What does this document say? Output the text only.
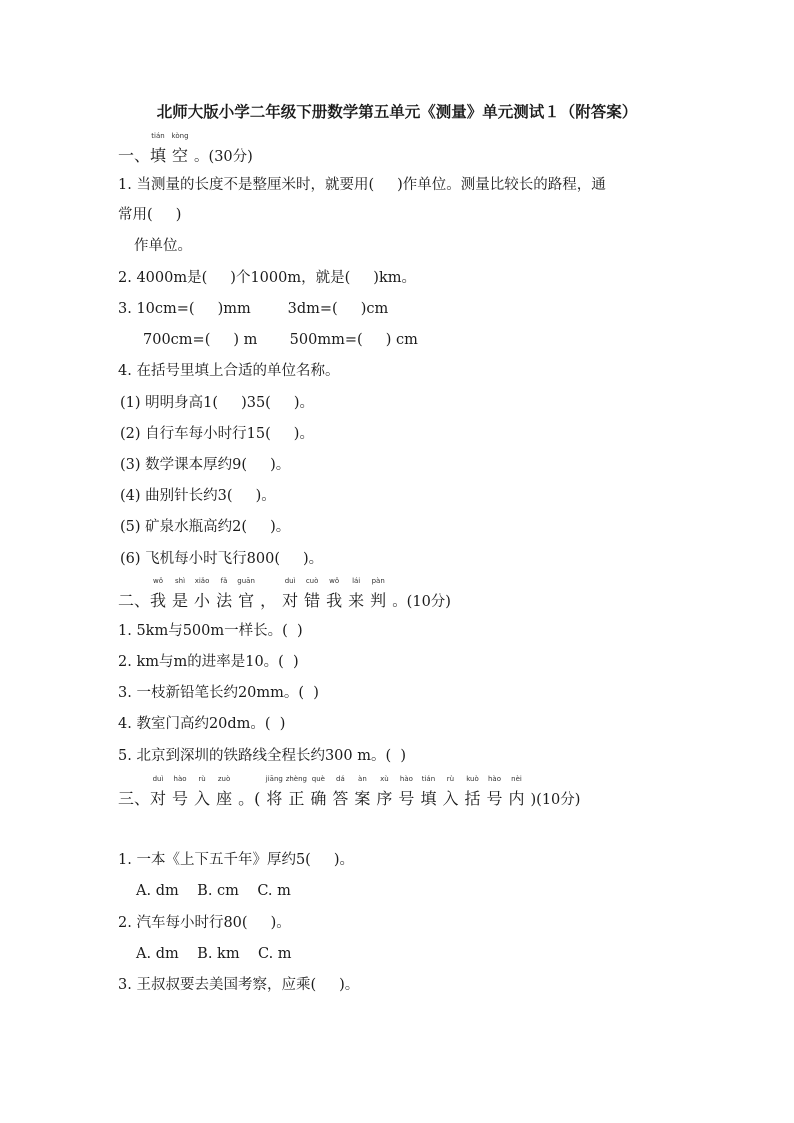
北师大版小学二年级下册数学第五单元《测量》单元测试１（附答案）
一、
tián
填
kòng
空 。(30分)
1. 当测量的长度不是整厘米时，就要用(     )作单位。测量比较长的路程，通
常用(     )
作单位。
2. 4000m是(     )个1000m，就是(     )km。
3. 10cm=(     )mm        3dm=(     )cm
700cm=(     ) m       500mm=(     ) cm
4. 在括号里填上合适的单位名称。
(1) 明明身高1(     )35(     )。
(2) 自行车每小时行15(     )。
(3) 数学课本厚约9(     )。
(4) 曲别针长约3(     )。
(5) 矿泉水瓶高约2(     )。
(6) 飞机每小时飞行800(     )。
二、
wǒ
我
shì
是
xiǎo
小
fǎ
法
guān
官 ，
duì
对
cuò
错
wǒ
我
lái
来
pàn
判 。(10分)
1. 5km与500m一样长。(  )
2. km与m的进率是10。(  )
3. 一枝新铅笔长约20mm。(  )
4. 教室门高约20dm。(  )
5. 北京到深圳的铁路线全程长约300 m。(  )
三、
duì
对
hào
号
rù
入
zuò
座 。(
jiāng
将
zhèng
正
què
确
dá
答
àn
案
xù
序
hào
号
tián
填
rù
入
kuò
括
hào
号
nèi
内 )(10分)
1. 一本《上下五千年》厚约5(     )。
A. dm    B. cm    C. m
2. 汽车每小时行80(     )。
A. dm    B. km    C. m
3. 王叔叔要去美国考察，应乘(     )。
